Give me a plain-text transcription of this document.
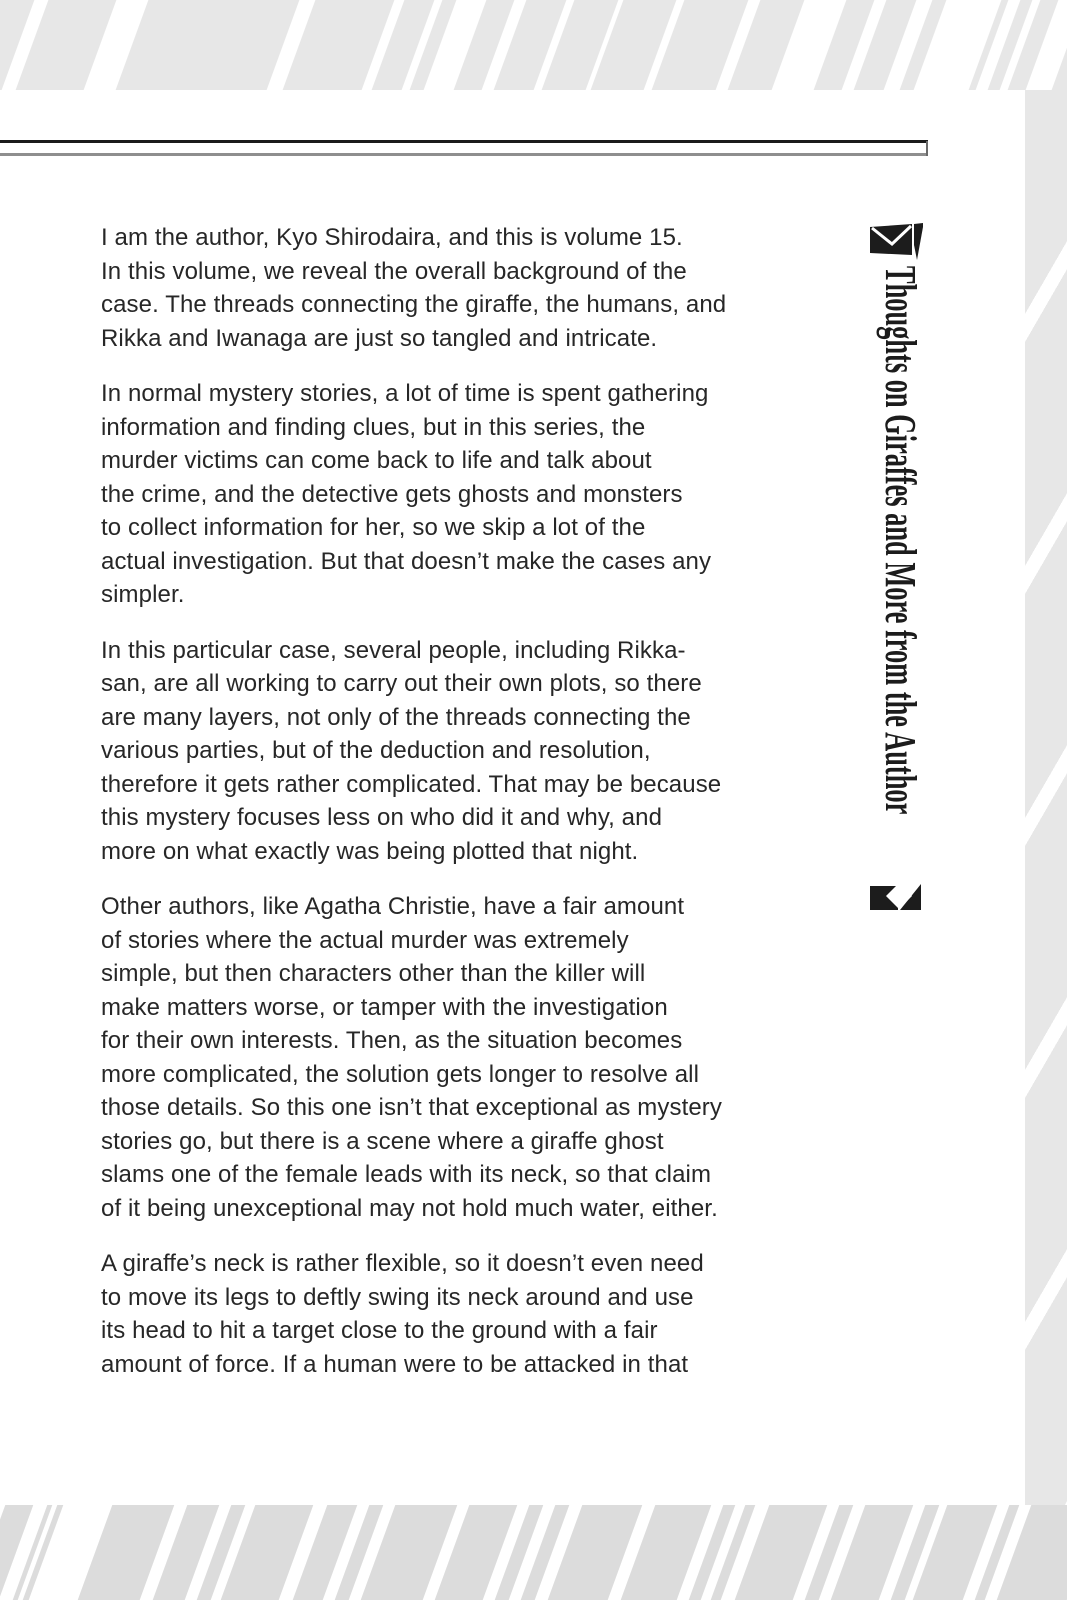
I am the author, Kyo Shirodaira, and this is volume 15.
In this volume, we reveal the overall background of the
case. The threads connecting the giraffe, the humans, and
Rikka and Iwanaga are just so tangled and intricate.
In normal mystery stories, a lot of time is spent gathering
information and finding clues, but in this series, the
murder victims can come back to life and talk about
the crime, and the detective gets ghosts and monsters
to collect information for her, so we skip a lot of the
actual investigation. But that doesn’t make the cases any
simpler.
In this particular case, several people, including Rikka-
san, are all working to carry out their own plots, so there
are many layers, not only of the threads connecting the
various parties, but of the deduction and resolution,
therefore it gets rather complicated. That may be because
this mystery focuses less on who did it and why, and
more on what exactly was being plotted that night.
Other authors, like Agatha Christie, have a fair amount
of stories where the actual murder was extremely
simple, but then characters other than the killer will
make matters worse, or tamper with the investigation
for their own interests. Then, as the situation becomes
more complicated, the solution gets longer to resolve all
those details. So this one isn’t that exceptional as mystery
stories go, but there is a scene where a giraffe ghost
slams one of the female leads with its neck, so that claim
of it being unexceptional may not hold much water, either.
A giraffe’s neck is rather flexible, so it doesn’t even need
to move its legs to deftly swing its neck around and use
its head to hit a target close to the ground with a fair
amount of force. If a human were to be attacked in that
Thoughts on Giraffes and More from the Author
